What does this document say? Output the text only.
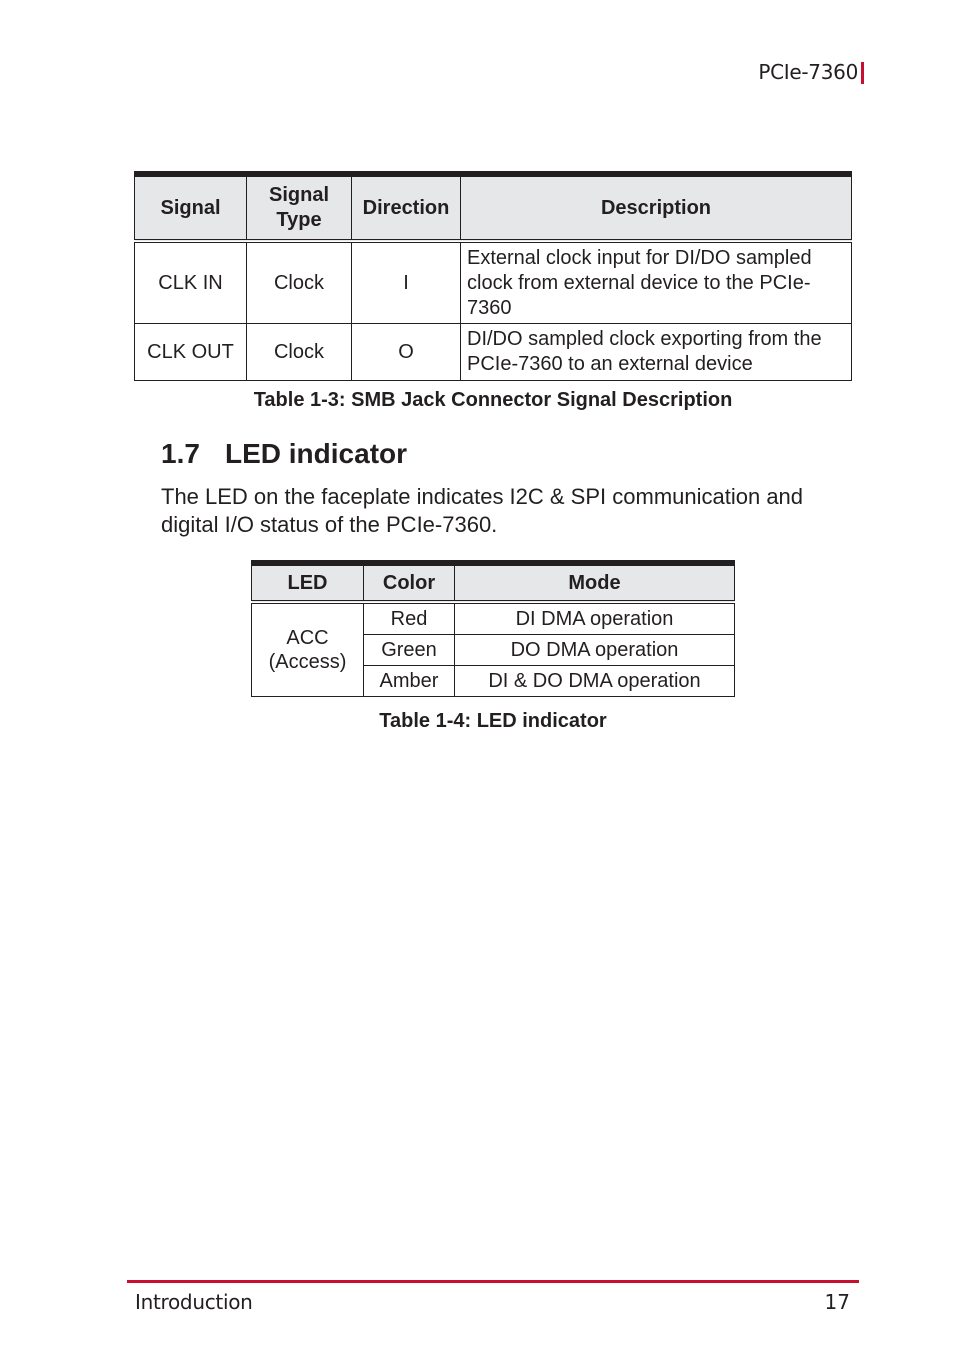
PCIe-7360
Signal	Signal Type	Direction	Description
CLK IN	Clock	I	External clock input for DI/DO sampled clock from external device to the PCIe-7360
CLK OUT	Clock	O	DI/DO sampled clock exporting from the PCIe-7360 to an external device
Table 1-3: SMB Jack Connector Signal Description
1.7 LED indicator
The LED on the faceplate indicates I2C & SPI communication and digital I/O status of the PCIe-7360.
LED	Color	Mode

ACC
(Access)	Red	DI DMA operation
	Green	DO DMA operation
	Amber	DI & DO DMA operation
Table 1-4: LED indicator
Introduction	17
